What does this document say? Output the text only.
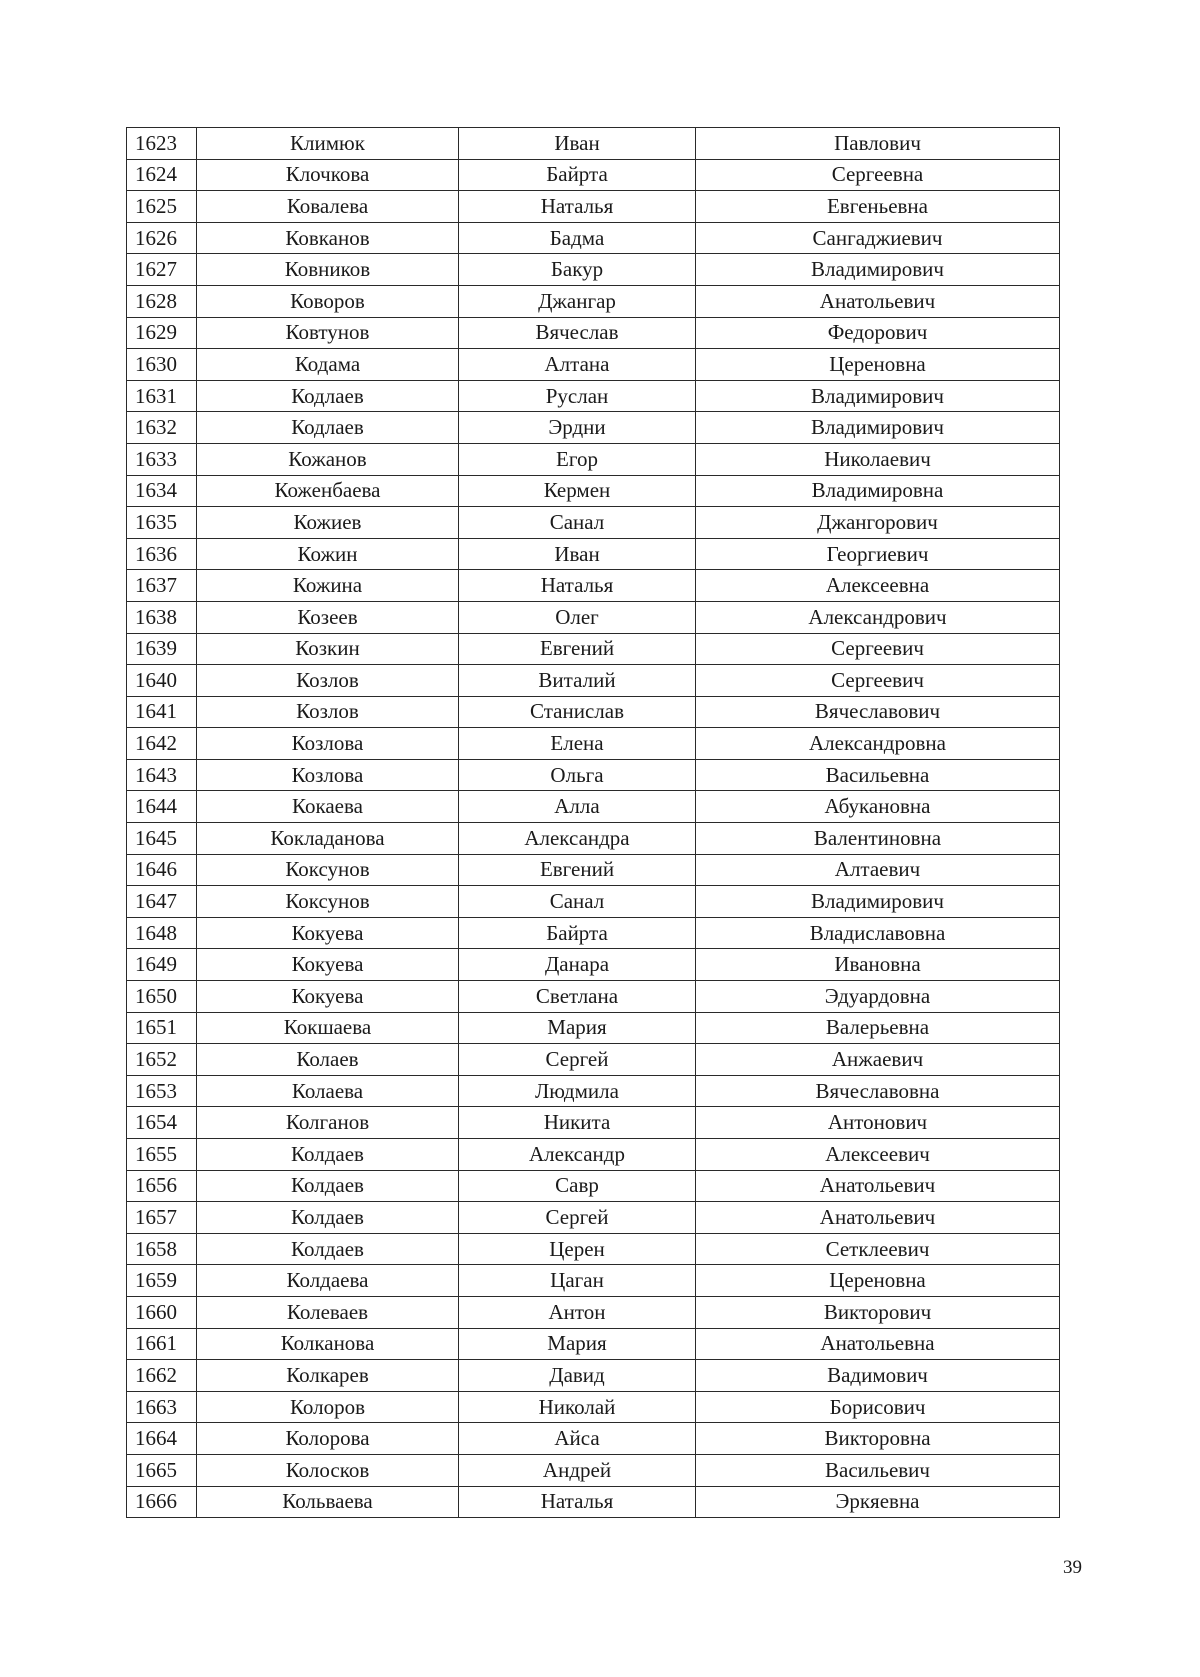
1623	Климюк	Иван	Павлович
1624	Клочкова	Байрта	Сергеевна
1625	Ковалева	Наталья	Евгеньевна
1626	Ковканов	Бадма	Сангаджиевич
1627	Ковников	Бакур	Владимирович
1628	Коворов	Джангар	Анатольевич
1629	Ковтунов	Вячеслав	Федорович
1630	Кодама	Алтана	Цереновна
1631	Кодлаев	Руслан	Владимирович
1632	Кодлаев	Эрдни	Владимирович
1633	Кожанов	Егор	Николаевич
1634	Коженбаева	Кермен	Владимировна
1635	Кожиев	Санал	Джангорович
1636	Кожин	Иван	Георгиевич
1637	Кожина	Наталья	Алексеевна
1638	Козеев	Олег	Александрович
1639	Козкин	Евгений	Сергеевич
1640	Козлов	Виталий	Сергеевич
1641	Козлов	Станислав	Вячеславович
1642	Козлова	Елена	Александровна
1643	Козлова	Ольга	Васильевна
1644	Кокаева	Алла	Абукановна
1645	Кокладанова	Александра	Валентиновна
1646	Коксунов	Евгений	Алтаевич
1647	Коксунов	Санал	Владимирович
1648	Кокуева	Байрта	Владиславовна
1649	Кокуева	Данара	Ивановна
1650	Кокуева	Светлана	Эдуардовна
1651	Кокшаева	Мария	Валерьевна
1652	Колаев	Сергей	Анжаевич
1653	Колаева	Людмила	Вячеславовна
1654	Колганов	Никита	Антонович
1655	Колдаев	Александр	Алексеевич
1656	Колдаев	Савр	Анатольевич
1657	Колдаев	Сергей	Анатольевич
1658	Колдаев	Церен	Сетклеевич
1659	Колдаева	Цаган	Цереновна
1660	Колеваев	Антон	Викторович
1661	Колканова	Мария	Анатольевна
1662	Колкарев	Давид	Вадимович
1663	Колоров	Николай	Борисович
1664	Колорова	Айса	Викторовна
1665	Колосков	Андрей	Васильевич
1666	Кольваева	Наталья	Эркяевна
39
